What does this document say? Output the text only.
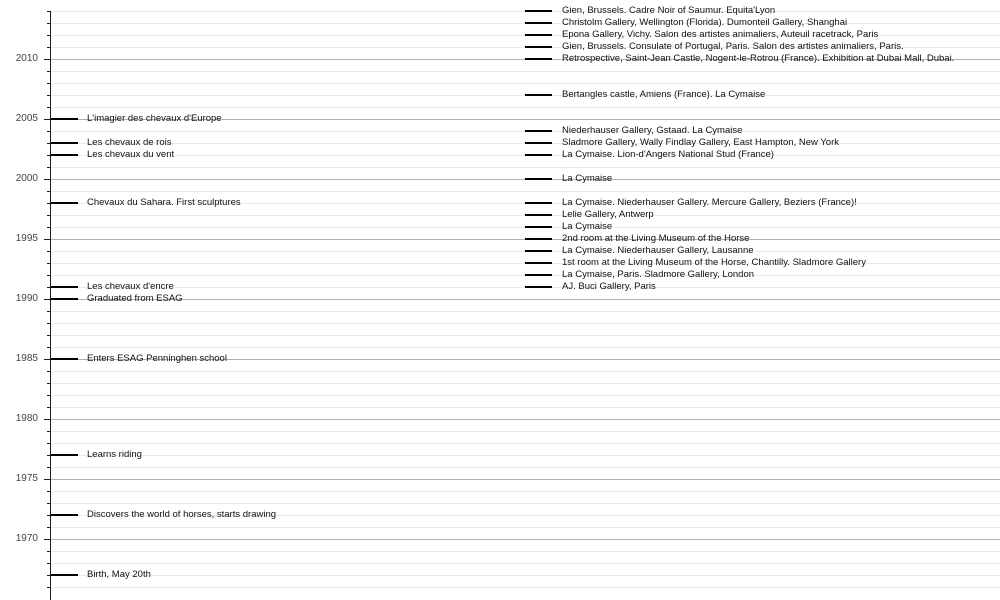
2010
2005
2000
1995
1990
1985
1980
1975
1970
L'imagier des chevaux d'Europe
Les chevaux de rois
Les chevaux du vent
Chevaux du Sahara. First sculptures
Les chevaux d'encre
Graduated from ESAG
Enters ESAG Penninghen school
Learns riding
Discovers the world of horses, starts drawing
Birth, May 20th
Gien, Brussels. Cadre Noir of Saumur. Equita'Lyon
Christolm Gallery, Wellington (Florida). Dumonteil Gallery, Shanghai
Epona Gallery, Vichy. Salon des artistes animaliers, Auteuil racetrack, Paris
Gien, Brussels. Consulate of Portugal, Paris. Salon des artistes animaliers, Paris.
Retrospective, Saint-Jean Castle, Nogent-le-Rotrou (France). Exhibition at Dubai Mall, Dubai.
Bertangles castle, Amiens (France). La Cymaise
Niederhauser Gallery, Gstaad. La Cymaise
Sladmore Gallery, Wally Findlay Gallery, East Hampton, New York
La Cymaise. Lion-d'Angers National Stud (France)
La Cymaise
La Cymaise. Niederhauser Gallery. Mercure Gallery, Beziers (France)!
Lelie Gallery, Antwerp
La Cymaise
2nd room at the Living Museum of the Horse
La Cymaise. Niederhauser Gallery, Lausanne
1st room at the Living Museum of the Horse, Chantilly. Sladmore Gallery
La Cymaise, Paris. Sladmore Gallery, London
AJ. Buci Gallery, Paris
